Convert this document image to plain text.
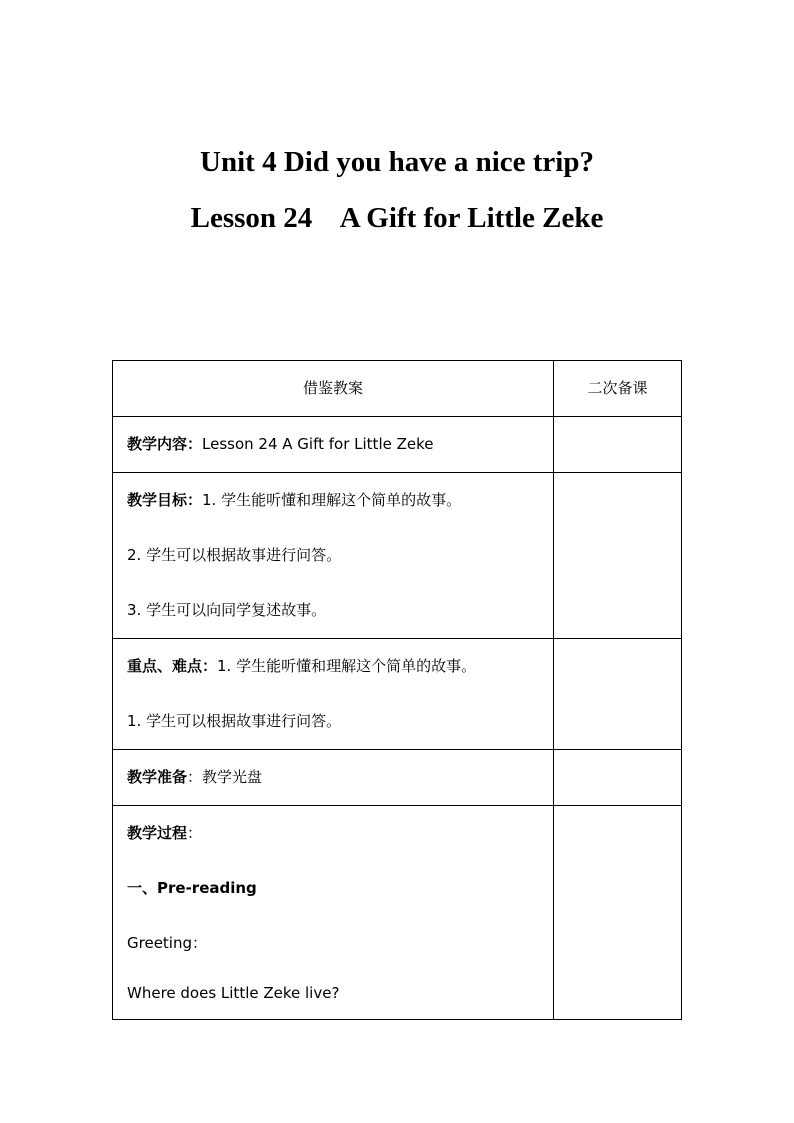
Unit 4 Did you have a nice trip?
Lesson 24    A Gift for Little Zeke
借鉴教案	二次备课

教学内容：Lesson 24 A Gift for Little Zeke	

教学目标：1. 学生能听懂和理解这个简单的故事。
2. 学生可以根据故事进行问答。
3. 学生可以向同学复述故事。	

重点、难点：1. 学生能听懂和理解这个简单的故事。
1. 学生可以根据故事进行问答。	

教学准备：教学光盘	

教学过程：
一、Pre-reading
Greeting：
Where does Little Zeke live?	
